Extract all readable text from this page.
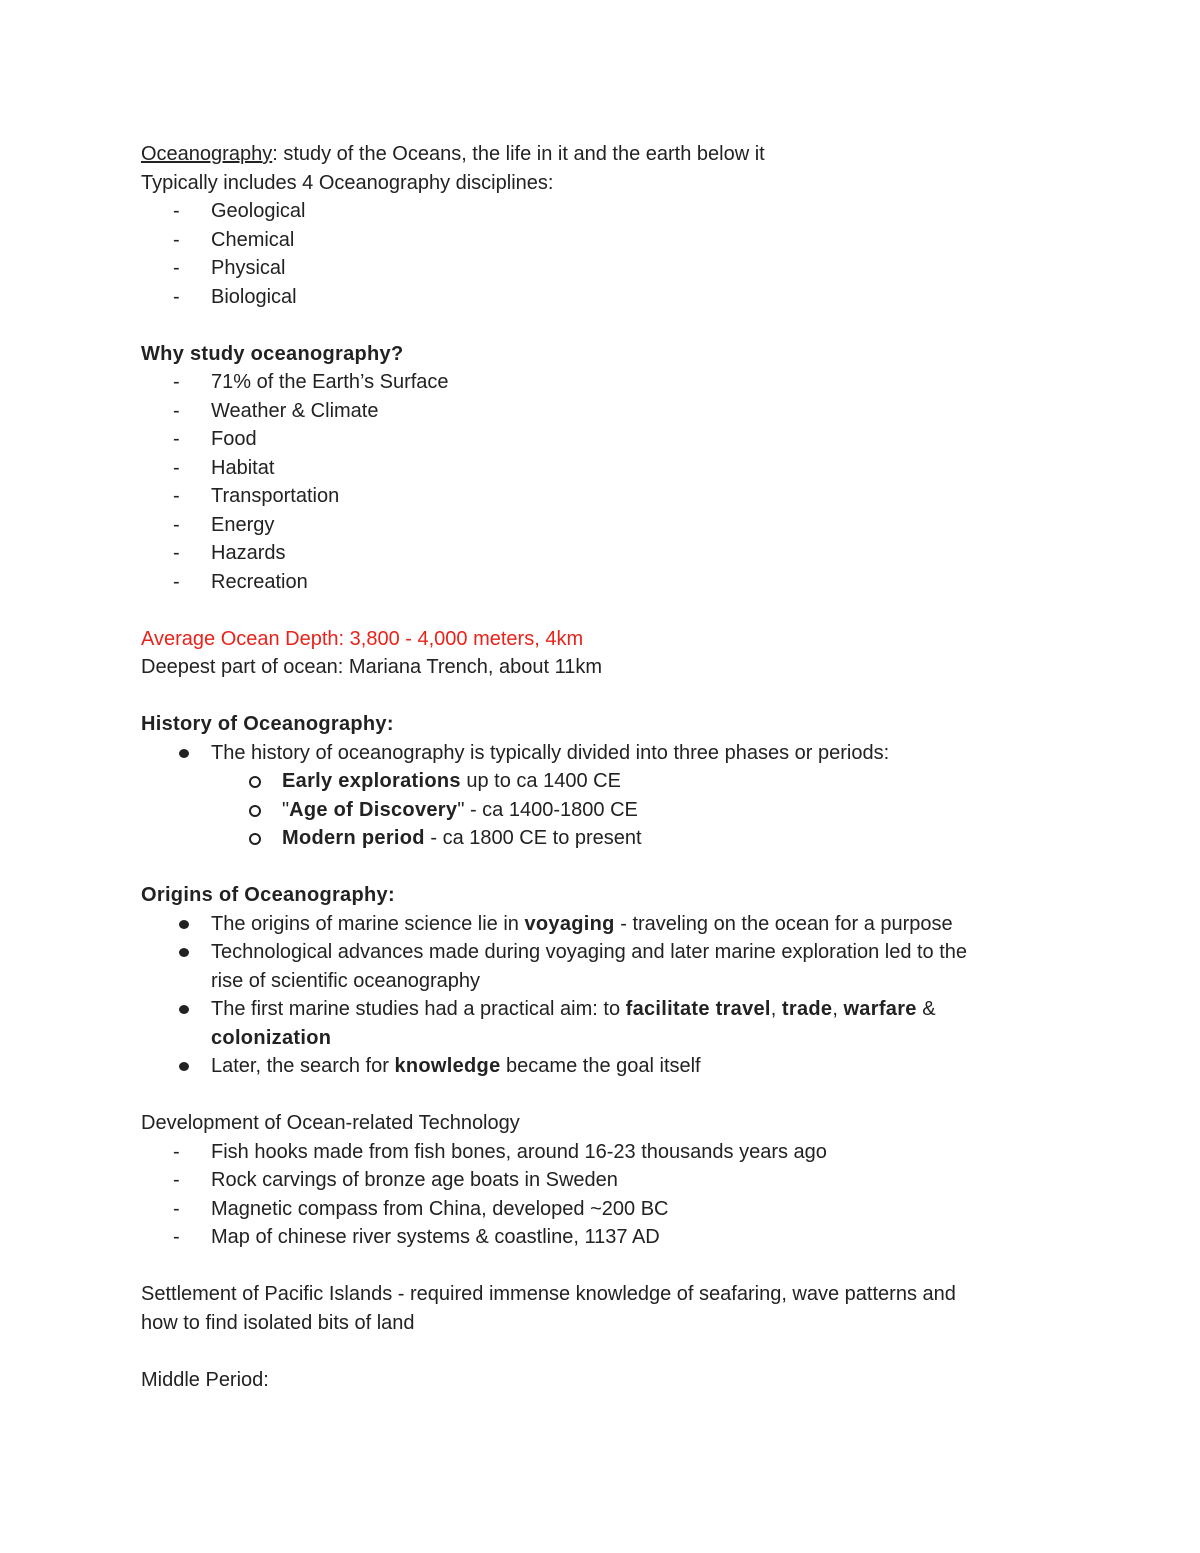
Oceanography: study of the Oceans, the life in it and the earth below it
Typically includes 4 Oceanography disciplines:
- Geological
- Chemical
- Physical
- Biological
Why study oceanography?
- 71% of the Earth’s Surface
- Weather & Climate
- Food
- Habitat
- Transportation
- Energy
- Hazards
- Recreation
Average Ocean Depth: 3,800 - 4,000 meters, 4km
Deepest part of ocean: Mariana Trench, about 11km
History of Oceanography:
The history of oceanography is typically divided into three phases or periods:
Early explorations up to ca 1400 CE
"Age of Discovery" - ca 1400-1800 CE
Modern period - ca 1800 CE to present
Origins of Oceanography:
The origins of marine science lie in voyaging - traveling on the ocean for a purpose
Technological advances made during voyaging and later marine exploration led to the
rise of scientific oceanography
The first marine studies had a practical aim: to facilitate travel, trade, warfare &
colonization
Later, the search for knowledge became the goal itself
Development of Ocean-related Technology
- Fish hooks made from fish bones, around 16-23 thousands years ago
- Rock carvings of bronze age boats in Sweden
- Magnetic compass from China, developed ~200 BC
- Map of chinese river systems & coastline, 1137 AD
Settlement of Pacific Islands - required immense knowledge of seafaring, wave patterns and
how to find isolated bits of land
Middle Period:
